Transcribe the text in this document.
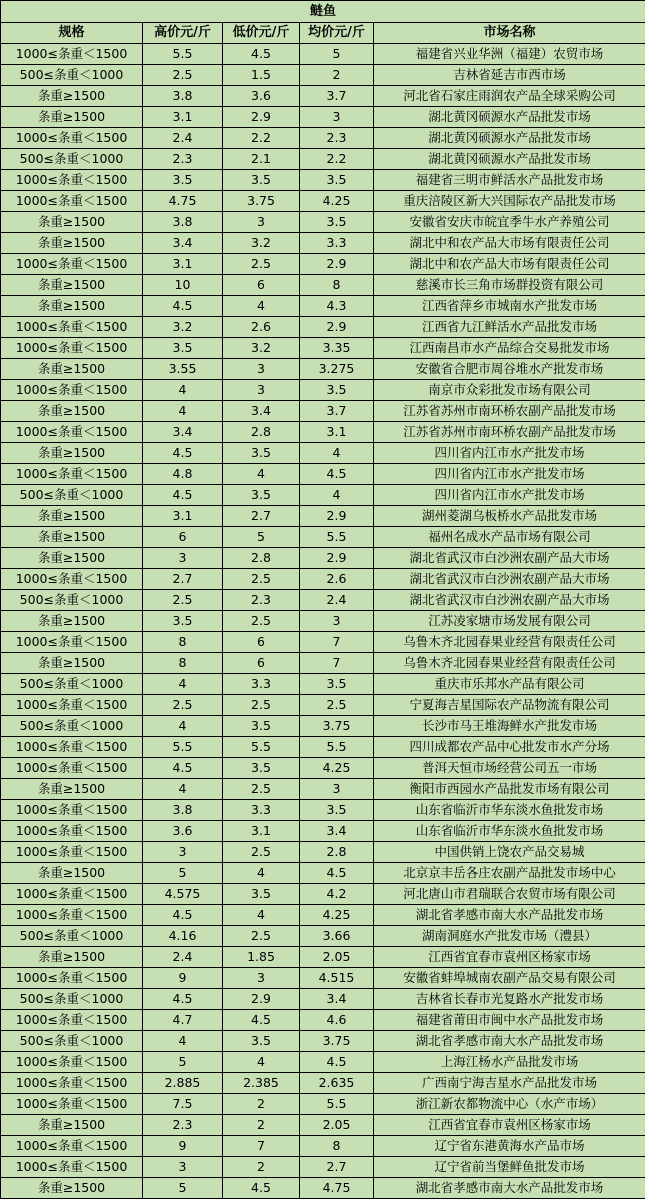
鲢鱼				
规格	高价元/斤	低价元/斤	均价元/斤	市场名称
1000≤条重＜1500	5.5	4.5	5	福建省兴业华洲（福建）农贸市场
500≤条重＜1000	2.5	1.5	2	吉林省延吉市西市场
条重≥1500	3.8	3.6	3.7	河北省石家庄雨润农产品全球采购公司
条重≥1500	3.1	2.9	3	湖北黄冈硕源水产品批发市场
1000≤条重＜1500	2.4	2.2	2.3	湖北黄冈硕源水产品批发市场
500≤条重＜1000	2.3	2.1	2.2	湖北黄冈硕源水产品批发市场
1000≤条重＜1500	3.5	3.5	3.5	福建省三明市鲜活水产品批发市场
1000≤条重＜1500	4.75	3.75	4.25	重庆涪陵区新大兴国际农产品批发市场
条重≥1500	3.8	3	3.5	安徽省安庆市皖宜季牛水产养殖公司
条重≥1500	3.4	3.2	3.3	湖北中和农产品大市场有限责任公司
1000≤条重＜1500	3.1	2.5	2.9	湖北中和农产品大市场有限责任公司
条重≥1500	10	6	8	慈溪市长三角市场群投资有限公司
条重≥1500	4.5	4	4.3	江西省萍乡市城南水产批发市场
1000≤条重＜1500	3.2	2.6	2.9	江西省九江鲜活水产品批发市场
1000≤条重＜1500	3.5	3.2	3.35	江西南昌市水产品综合交易批发市场
条重≥1500	3.55	3	3.275	安徽省合肥市周谷堆水产批发市场
1000≤条重＜1500	4	3	3.5	南京市众彩批发市场有限公司
条重≥1500	4	3.4	3.7	江苏省苏州市南环桥农副产品批发市场
1000≤条重＜1500	3.4	2.8	3.1	江苏省苏州市南环桥农副产品批发市场
条重≥1500	4.5	3.5	4	四川省内江市水产批发市场
1000≤条重＜1500	4.8	4	4.5	四川省内江市水产批发市场
500≤条重＜1000	4.5	3.5	4	四川省内江市水产批发市场
条重≥1500	3.1	2.7	2.9	湖州菱湖乌板桥水产品批发市场
条重≥1500	6	5	5.5	福州名成水产品市场有限公司
条重≥1500	3	2.8	2.9	湖北省武汉市白沙洲农副产品大市场
1000≤条重＜1500	2.7	2.5	2.6	湖北省武汉市白沙洲农副产品大市场
500≤条重＜1000	2.5	2.3	2.4	湖北省武汉市白沙洲农副产品大市场
条重≥1500	3.5	2.5	3	江苏凌家塘市场发展有限公司
1000≤条重＜1500	8	6	7	乌鲁木齐北园春果业经营有限责任公司
条重≥1500	8	6	7	乌鲁木齐北园春果业经营有限责任公司
500≤条重＜1000	4	3.3	3.5	重庆市乐邦水产品有限公司
1000≤条重＜1500	2.5	2.5	2.5	宁夏海吉星国际农产品物流有限公司
500≤条重＜1000	4	3.5	3.75	长沙市马王堆海鲜水产批发市场
1000≤条重＜1500	5.5	5.5	5.5	四川成都农产品中心批发市水产分场
1000≤条重＜1500	4.5	3.5	4.25	普洱天恒市场经营公司五一市场
条重≥1500	4	2.5	3	衡阳市西园水产品批发市场有限公司
1000≤条重＜1500	3.8	3.3	3.5	山东省临沂市华东淡水鱼批发市场
1000≤条重＜1500	3.6	3.1	3.4	山东省临沂市华东淡水鱼批发市场
1000≤条重＜1500	3	2.5	2.8	中国供销上饶农产品交易城
条重≥1500	5	4	4.5	北京京丰岳各庄农副产品批发市场中心
1000≤条重＜1500	4.575	3.5	4.2	河北唐山市君瑞联合农贸市场有限公司
1000≤条重＜1500	4.5	4	4.25	湖北省孝感市南大水产品批发市场
500≤条重＜1000	4.16	2.5	3.66	湖南洞庭水产批发市场（澧县）
条重≥1500	2.4	1.85	2.05	江西省宜春市袁州区杨家市场
1000≤条重＜1500	9	3	4.515	安徽省蚌埠城南农副产品交易有限公司
500≤条重＜1000	4.5	2.9	3.4	吉林省长春市光复路水产批发市场
1000≤条重＜1500	4.7	4.5	4.6	福建省莆田市闽中水产品批发市场
500≤条重＜1000	4	3.5	3.75	湖北省孝感市南大水产品批发市场
1000≤条重＜1500	5	4	4.5	上海江杨水产品批发市场
1000≤条重＜1500	2.885	2.385	2.635	广西南宁海吉星水产品批发市场
1000≤条重＜1500	7.5	2	5.5	浙江新农都物流中心（水产市场）
条重≥1500	2.3	2	2.05	江西省宜春市袁州区杨家市场
1000≤条重＜1500	9	7	8	辽宁省东港黄海水产品市场
1000≤条重＜1500	3	2	2.7	辽宁省前当堡鲜鱼批发市场
条重≥1500	5	4.5	4.75	湖北省孝感市南大水产品批发市场
